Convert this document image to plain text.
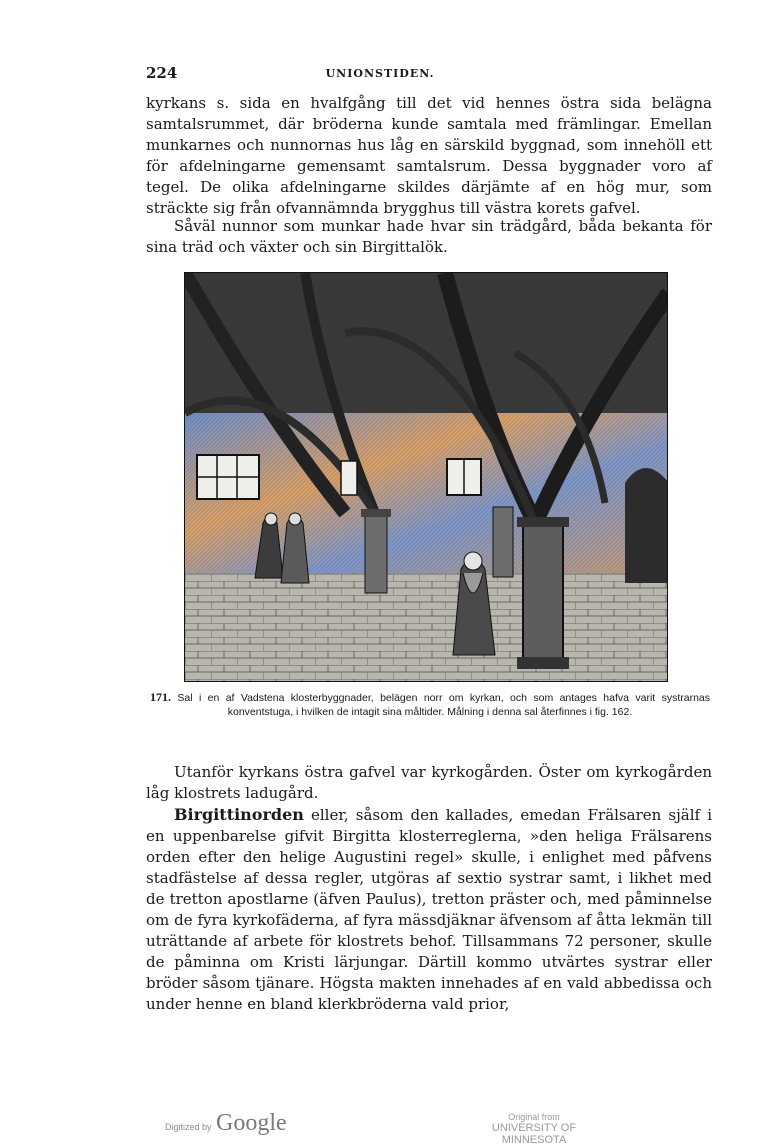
224	UNIONSTIDEN.

kyrkans s. sida en hvalfgång till det vid hennes östra sida belägna samtalsrummet, där bröderna kunde samtala med främlingar. Emellan munkarnes och nunnornas hus låg en särskild byggnad, som innehöll ett för afdelningarne gemensamt samtalsrum. Dessa byggnader voro af tegel. De olika afdelningarne skildes därjämte af en hög mur, som sträckte sig från ofvannämnda brygghus till västra korets gafvel.

Såväl nunnor som munkar hade hvar sin trädgård, båda bekanta för sina träd och växter och sin Birgittalök.

171. Sal i en af Vadstena klosterbyggnader, belägen norr om kyrkan, och som antages hafva varit systrarnas konventstuga, i hvilken de intagit sina måltider. Målning i denna sal återfinnes i fig. 162.

Utanför kyrkans östra gafvel var kyrkogården. Öster om kyrkogården låg klostrets ladugård.

Birgittinorden eller, såsom den kallades, emedan Frälsaren själf i en uppenbarelse gifvit Birgitta klosterreglerna, »den heliga Frälsarens orden efter den helige Augustini regel» skulle, i enlighet med påfvens stadfästelse af dessa regler, utgöras af sextio systrar samt, i likhet med de tretton apostlarne (äfven Paulus), tretton präster och, med påminnelse om de fyra kyrkofäderna, af fyra mässdjäknar äfvensom af åtta lekmän till uträttande af arbete för klostrets behof. Tillsammans 72 personer, skulle de påminna om Kristi lärjungar. Därtill kommo utvärtes systrar eller bröder såsom tjänare. Högsta makten innehades af en vald abbedissa och under henne en bland klerkbröderna vald prior,

Digitized by Google	Original from
UNIVERSITY OF MINNESOTA
